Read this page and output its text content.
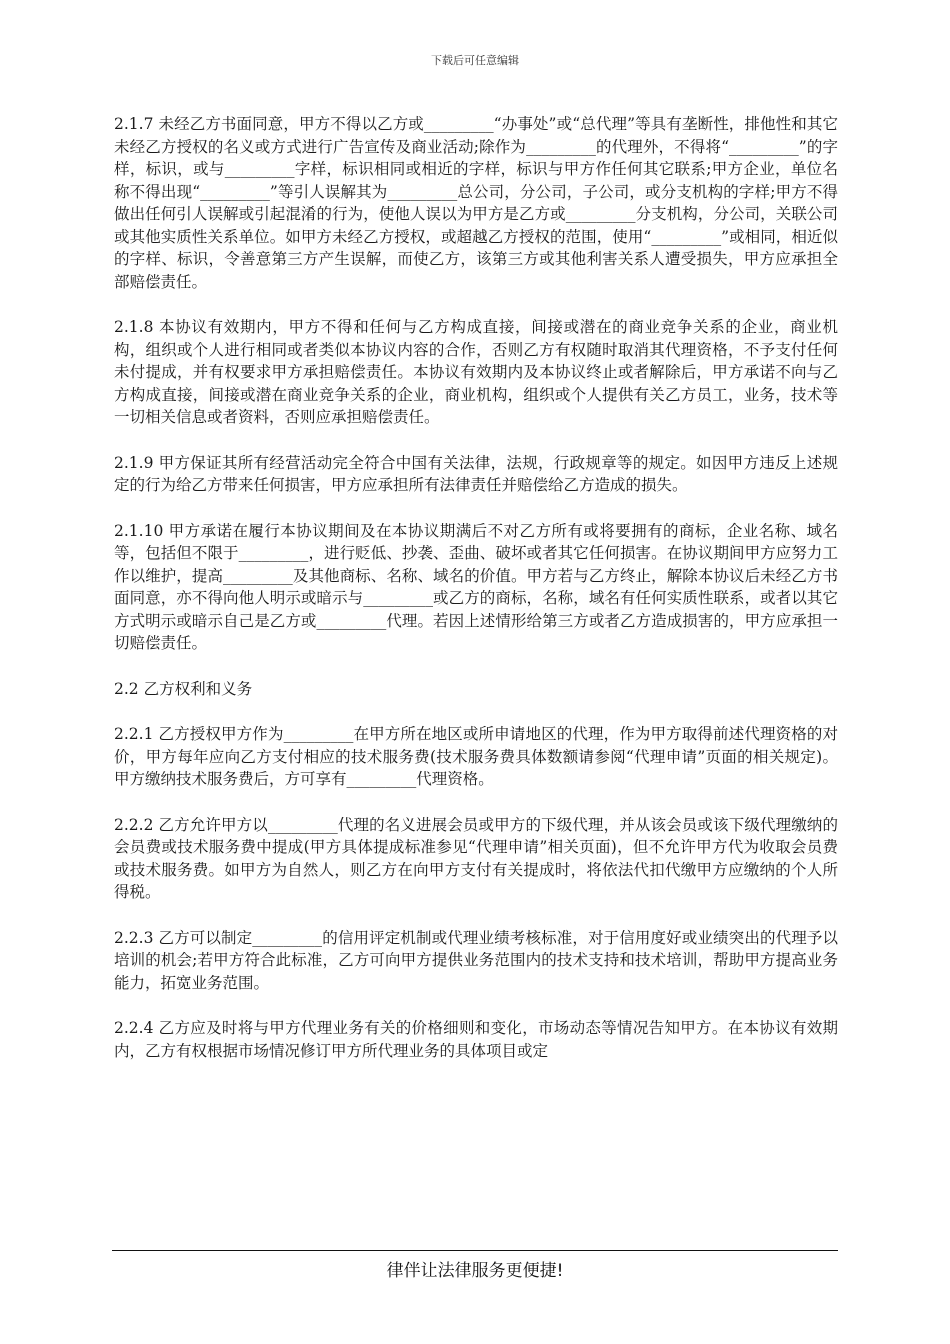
下载后可任意编辑

2.1.7 未经乙方书面同意，甲方不得以乙方或_________“办事处”或“总代理”等具有垄断性，排他性和其它未经乙方授权的名义或方式进行广告宣传及商业活动;除作为_________的代理外，不得将“_________”的字样，标识，或与_________字样，标识相同或相近的字样，标识与甲方作任何其它联系;甲方企业，单位名称不得出现“_________”等引人误解其为_________总公司，分公司，子公司，或分支机构的字样;甲方不得做出任何引人误解或引起混淆的行为，使他人误以为甲方是乙方或_________分支机构，分公司，关联公司或其他实质性关系单位。如甲方未经乙方授权，或超越乙方授权的范围，使用“_________”或相同，相近似的字样、标识，令善意第三方产生误解，而使乙方，该第三方或其他利害关系人遭受损失，甲方应承担全部赔偿责任。

2.1.8 本协议有效期内，甲方不得和任何与乙方构成直接，间接或潜在的商业竞争关系的企业，商业机构，组织或个人进行相同或者类似本协议内容的合作，否则乙方有权随时取消其代理资格，不予支付任何未付提成，并有权要求甲方承担赔偿责任。本协议有效期内及本协议终止或者解除后，甲方承诺不向与乙方构成直接，间接或潜在商业竞争关系的企业，商业机构，组织或个人提供有关乙方员工，业务，技术等一切相关信息或者资料，否则应承担赔偿责任。

2.1.9 甲方保证其所有经营活动完全符合中国有关法律，法规，行政规章等的规定。如因甲方违反上述规定的行为给乙方带来任何损害，甲方应承担所有法律责任并赔偿给乙方造成的损失。

2.1.10 甲方承诺在履行本协议期间及在本协议期满后不对乙方所有或将要拥有的商标，企业名称、域名等，包括但不限于_________，进行贬低、抄袭、歪曲、破坏或者其它任何损害。在协议期间甲方应努力工作以维护，提高_________及其他商标、名称、域名的价值。甲方若与乙方终止，解除本协议后未经乙方书面同意，亦不得向他人明示或暗示与_________或乙方的商标，名称，域名有任何实质性联系，或者以其它方式明示或暗示自己是乙方或_________代理。若因上述情形给第三方或者乙方造成损害的，甲方应承担一切赔偿责任。

2.2 乙方权利和义务

2.2.1 乙方授权甲方作为_________在甲方所在地区或所申请地区的代理，作为甲方取得前述代理资格的对价，甲方每年应向乙方支付相应的技术服务费(技术服务费具体数额请参阅“代理申请”页面的相关规定)。甲方缴纳技术服务费后，方可享有_________代理资格。

2.2.2 乙方允许甲方以_________代理的名义进展会员或甲方的下级代理，并从该会员或该下级代理缴纳的会员费或技术服务费中提成(甲方具体提成标准参见“代理申请”相关页面)，但不允许甲方代为收取会员费或技术服务费。如甲方为自然人，则乙方在向甲方支付有关提成时，将依法代扣代缴甲方应缴纳的个人所得税。

2.2.3 乙方可以制定_________的信用评定机制或代理业绩考核标准，对于信用度好或业绩突出的代理予以培训的机会;若甲方符合此标准，乙方可向甲方提供业务范围内的技术支持和技术培训，帮助甲方提高业务能力，拓宽业务范围。

2.2.4 乙方应及时将与甲方代理业务有关的价格细则和变化，市场动态等情况告知甲方。在本协议有效期内，乙方有权根据市场情况修订甲方所代理业务的具体项目或定

律伴让法律服务更便捷!
